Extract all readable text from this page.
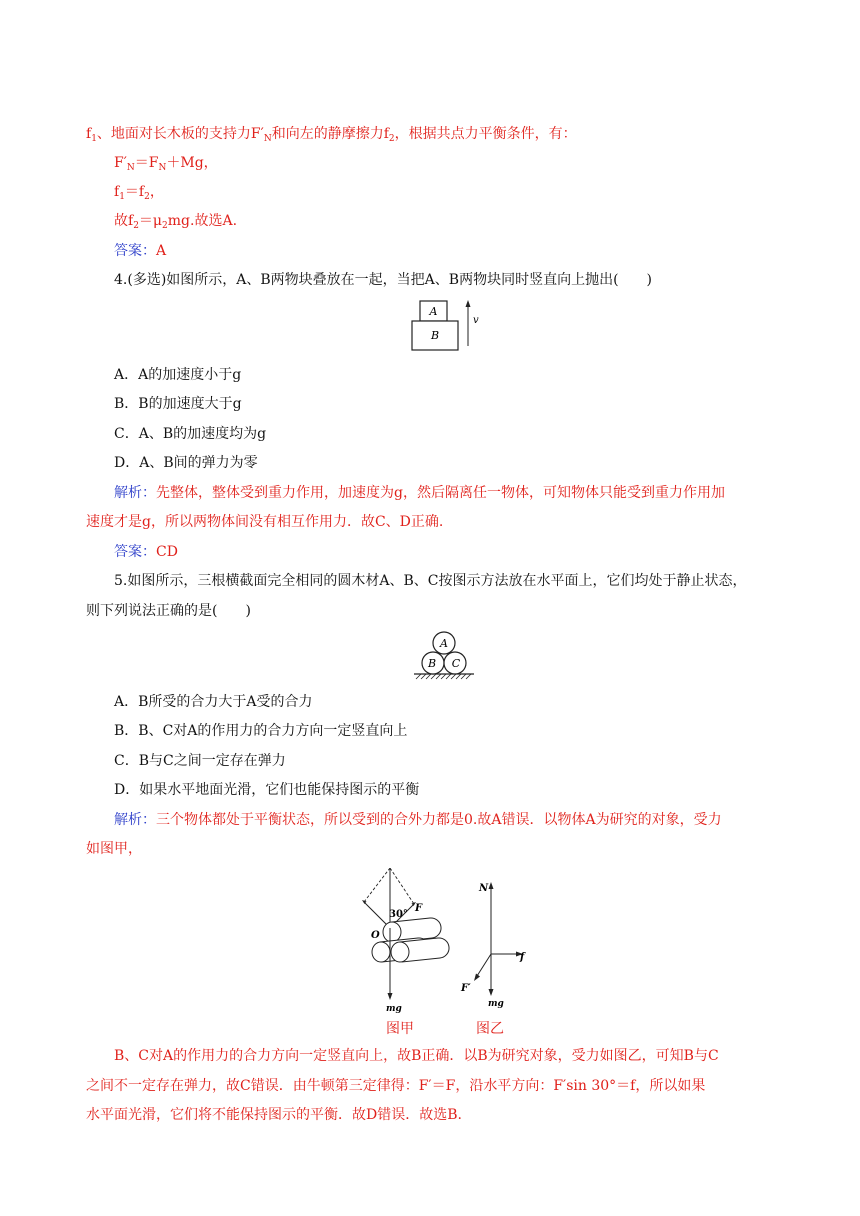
$f_1$、地面对长木板的支持力$F'_N$和向左的静摩擦力$f_2$，根据共点力平衡条件，有：
$F'_N=F_N+Mg$，
$f_1=f_2$，
故$f_2=\mu_2mg$.故选A.
答案：A
4.(多选)如图所示，A、B两物块叠放在一起，当把A、B两物块同时竖直向上抛出(　　)
A
B
v
A．A的加速度小于g
B．B的加速度大于g
C．A、B的加速度均为g
D．A、B间的弹力为零
解析：先整体，整体受到重力作用，加速度为g，然后隔离任一物体，可知物体只能受到重力作用加
速度才是g，所以两物体间没有相互作用力．故C、D正确.
答案：CD
5.如图所示，三根横截面完全相同的圆木材A、B、C按图示方法放在水平面上，它们均处于静止状态，
则下列说法正确的是(　　)
A
B C
A．B所受的合力大于A受的合力
B．B、C对A的作用力的合力方向一定竖直向上
C．B与C之间一定存在弹力
D．如果水平地面光滑，它们也能保持图示的平衡
解析：三个物体都处于平衡状态，所以受到的合外力都是0.故A错误．以物体A为研究的对象，受力
如图甲，
30°
F
O
mg
图甲
N
f
F′
mg
图乙
B、C对A的作用力的合力方向一定竖直向上，故B正确．以B为研究对象，受力如图乙，可知B与C
之间不一定存在弹力，故C错误．由牛顿第三定律得：F′＝F，沿水平方向：F′sin 30°＝f，所以如果
水平面光滑，它们将不能保持图示的平衡．故D错误．故选B.
